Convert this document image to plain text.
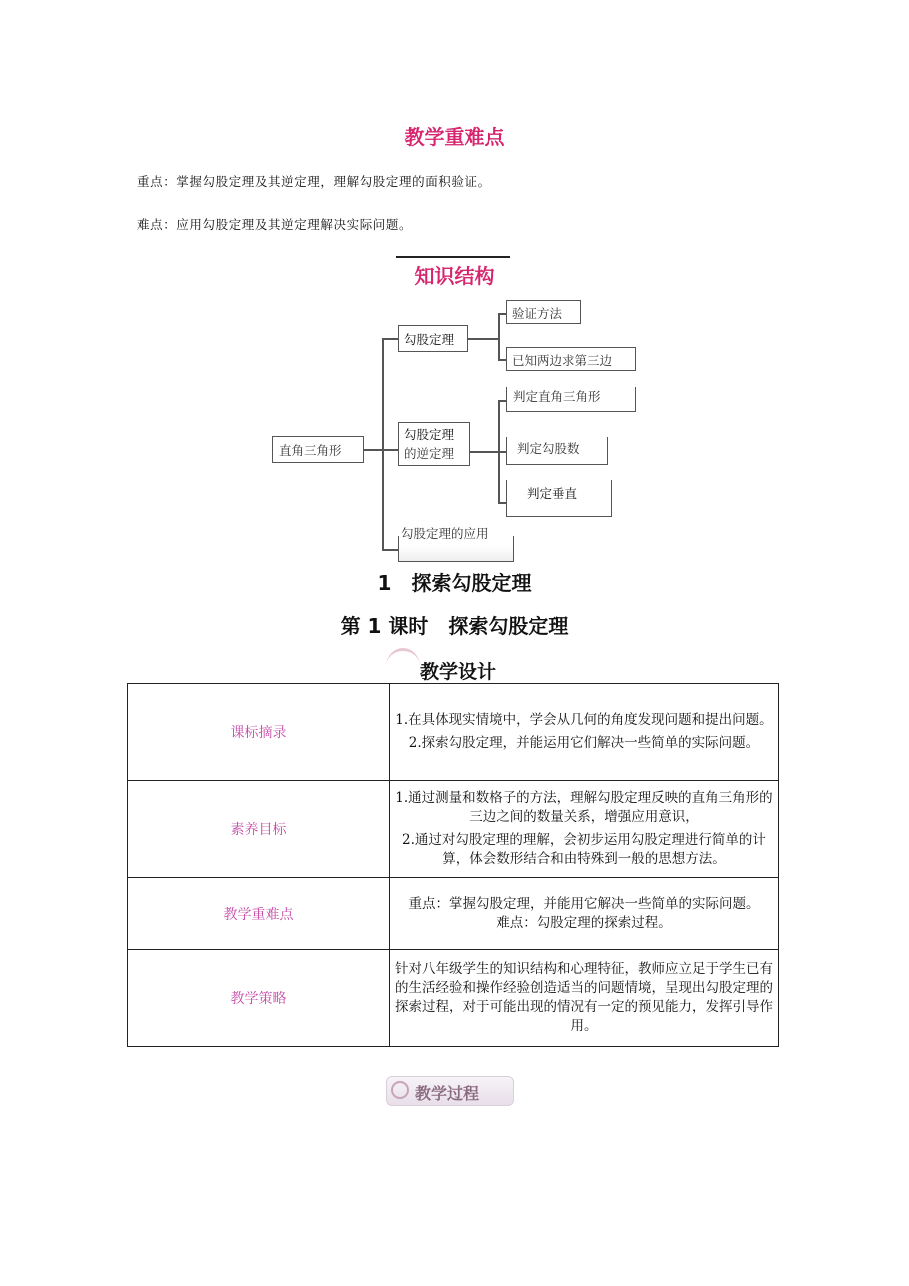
教学重难点
重点：掌握勾股定理及其逆定理，理解勾股定理的面积验证。
难点：应用勾股定理及其逆定理解决实际问题。
知识结构
直角三角形
勾股定理
验证方法
已知两边求第三边
勾股定理
的逆定理
判定直角三角形
判定勾股数
判定垂直
勾股定理的应用
1　探索勾股定理
第 1 课时　探索勾股定理
教学设计
课标摘录	1.在具体现实情境中，学会从几何的角度发现问题和提出问题。
2.探索勾股定理，并能运用它们解决一些简单的实际问题。

素养目标	1.通过测量和数格子的方法，理解勾股定理反映的直角三角形的三边之间的数量关系，增强应用意识，
2.通过对勾股定理的理解，会初步运用勾股定理进行简单的计算，体会数形结合和由特殊到一般的思想方法。

教学重难点	重点：掌握勾股定理，并能用它解决一些简单的实际问题。
难点：勾股定理的探索过程。

教学策略	针对八年级学生的知识结构和心理特征，教师应立足于学生已有的生活经验和操作经验创造适当的问题情境，呈现出勾股定理的探索过程，对于可能出现的情况有一定的预见能力，发挥引导作用。
教学过程
